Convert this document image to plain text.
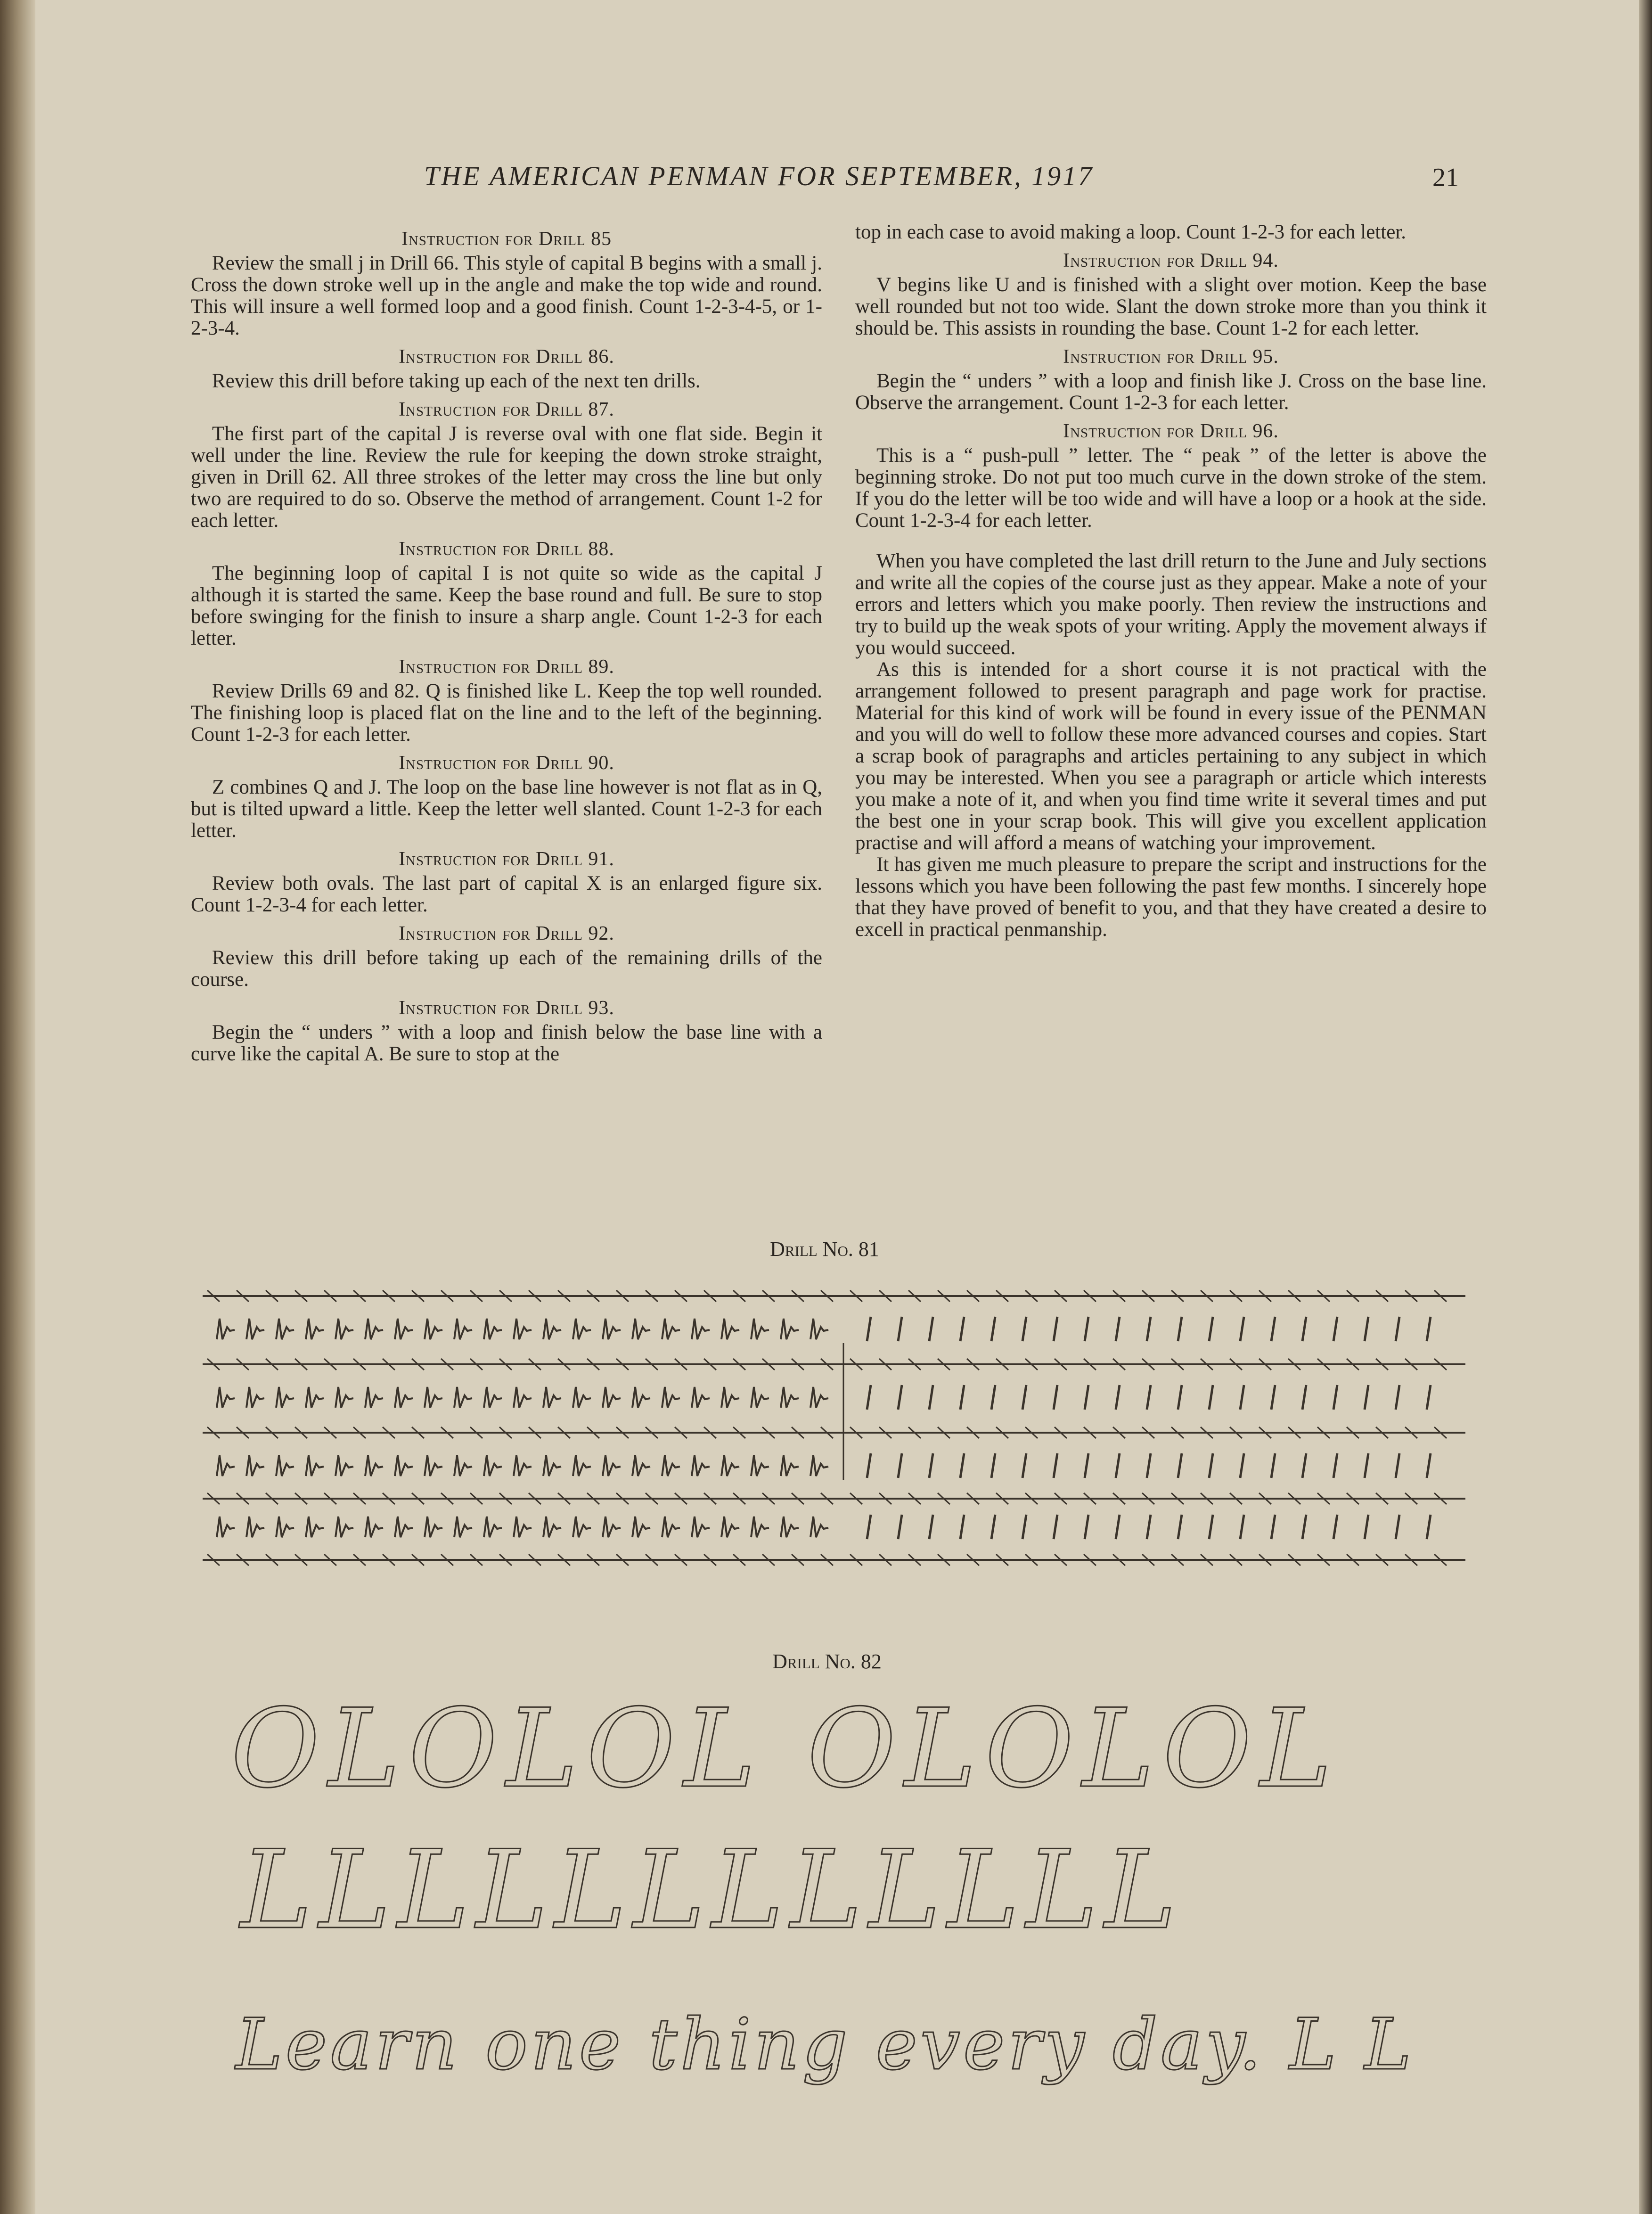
THE AMERICAN PENMAN FOR SEPTEMBER, 1917	21
Instruction for Drill 85

Review the small j in Drill 66. This style of capital B begins with a small j. Cross the down stroke well up in the angle and make the top wide and round. This will insure a well formed loop and a good finish. Count 1-2-3-4-5, or 1-2-3-4.

Instruction for Drill 86.

Review this drill before taking up each of the next ten drills.

Instruction for Drill 87.

The first part of the capital J is reverse oval with one flat side. Begin it well under the line. Review the rule for keeping the down stroke straight, given in Drill 62. All three strokes of the letter may cross the line but only two are required to do so. Observe the method of arrangement. Count 1-2 for each letter.

Instruction for Drill 88.

The beginning loop of capital I is not quite so wide as the capital J although it is started the same. Keep the base round and full. Be sure to stop before swinging for the finish to insure a sharp angle. Count 1-2-3 for each letter.

Instruction for Drill 89.

Review Drills 69 and 82. Q is finished like L. Keep the top well rounded. The finishing loop is placed flat on the line and to the left of the beginning. Count 1-2-3 for each letter.

Instruction for Drill 90.

Z combines Q and J. The loop on the base line however is not flat as in Q, but is tilted upward a little. Keep the letter well slanted. Count 1-2-3 for each letter.

Instruction for Drill 91.

Review both ovals. The last part of capital X is an enlarged figure six. Count 1-2-3-4 for each letter.

Instruction for Drill 92.

Review this drill before taking up each of the remaining drills of the course.

Instruction for Drill 93.

Begin the “ unders ” with a loop and finish below the base line with a curve like the capital A. Be sure to stop at the

top in each case to avoid making a loop. Count 1-2-3 for each letter.

Instruction for Drill 94.

V begins like U and is finished with a slight over motion. Keep the base well rounded but not too wide. Slant the down stroke more than you think it should be. This assists in rounding the base. Count 1-2 for each letter.

Instruction for Drill 95.

Begin the “ unders ” with a loop and finish like J. Cross on the base line. Observe the arrangement. Count 1-2-3 for each letter.

Instruction for Drill 96.

This is a “ push-pull ” letter. The “ peak ” of the letter is above the beginning stroke. Do not put too much curve in the down stroke of the stem. If you do the letter will be too wide and will have a loop or a hook at the side. Count 1-2-3-4 for each letter.

When you have completed the last drill return to the June and July sections and write all the copies of the course just as they appear. Make a note of your errors and letters which you make poorly. Then review the instructions and try to build up the weak spots of your writing. Apply the movement always if you would succeed.

As this is intended for a short course it is not practical with the arrangement followed to present paragraph and page work for practise. Material for this kind of work will be found in every issue of the PENMAN and you will do well to follow these more advanced courses and copies. Start a scrap book of paragraphs and articles pertaining to any subject in which you may be interested. When you see a paragraph or article which interests you make a note of it, and when you find time write it several times and put the best one in your scrap book. This will give you excellent application practise and will afford a means of watching your improvement.

It has given me much pleasure to prepare the script and instructions for the lessons which you have been following the past few months. I sincerely hope that they have proved of benefit to you, and that they have created a desire to excell in practical penmanship.

Drill No. 81
Drill No. 82
OLOLOL OLOLOL
LLLLLLLLLLLL
Learn one thing every day. L L
